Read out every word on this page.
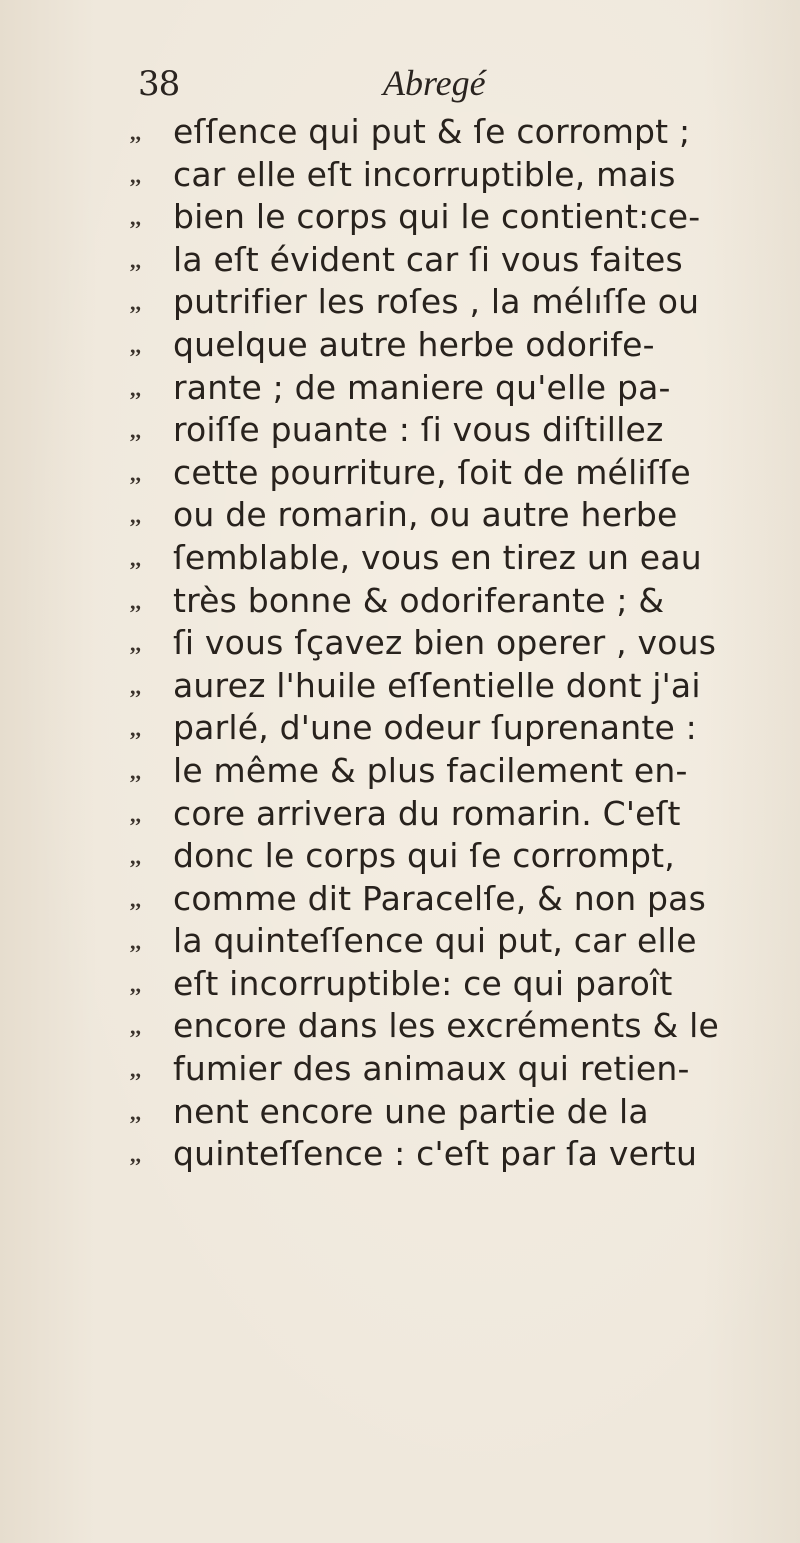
38	Abregé
,, eſſence qui put & ſe corrompt ;
,, car elle eſt incorruptible, mais
,, bien le corps qui le contient:ce-
,, la eſt évident car ſi vous faites
,, putrifier les roſes , la mélıſſe ou
,, quelque autre herbe odorife-
,, rante ; de maniere qu'elle pa-
,, roiſſe puante : ſi vous diſtillez
,, cette pourriture, ſoit de méliſſe
,, ou de romarin, ou autre herbe
,, ſemblable, vous en tirez un eau
,, très bonne & odoriferante ; &
,, ſi vous ſçavez bien operer , vous
,, aurez l'huile eſſentielle dont j'ai
,, parlé, d'une odeur ſuprenante :
,, le même & plus facilement en-
,, core arrivera du romarin. C'eſt
,, donc le corps qui ſe corrompt,
,, comme dit Paracelſe, & non pas
,, la quinteſſence qui put, car elle
,, eſt incorruptible: ce qui paroît
,, encore dans les excréments & le
,, fumier des animaux qui retien-
,, nent encore une partie de la
,, quinteſſence : c'eſt par ſa vertu
